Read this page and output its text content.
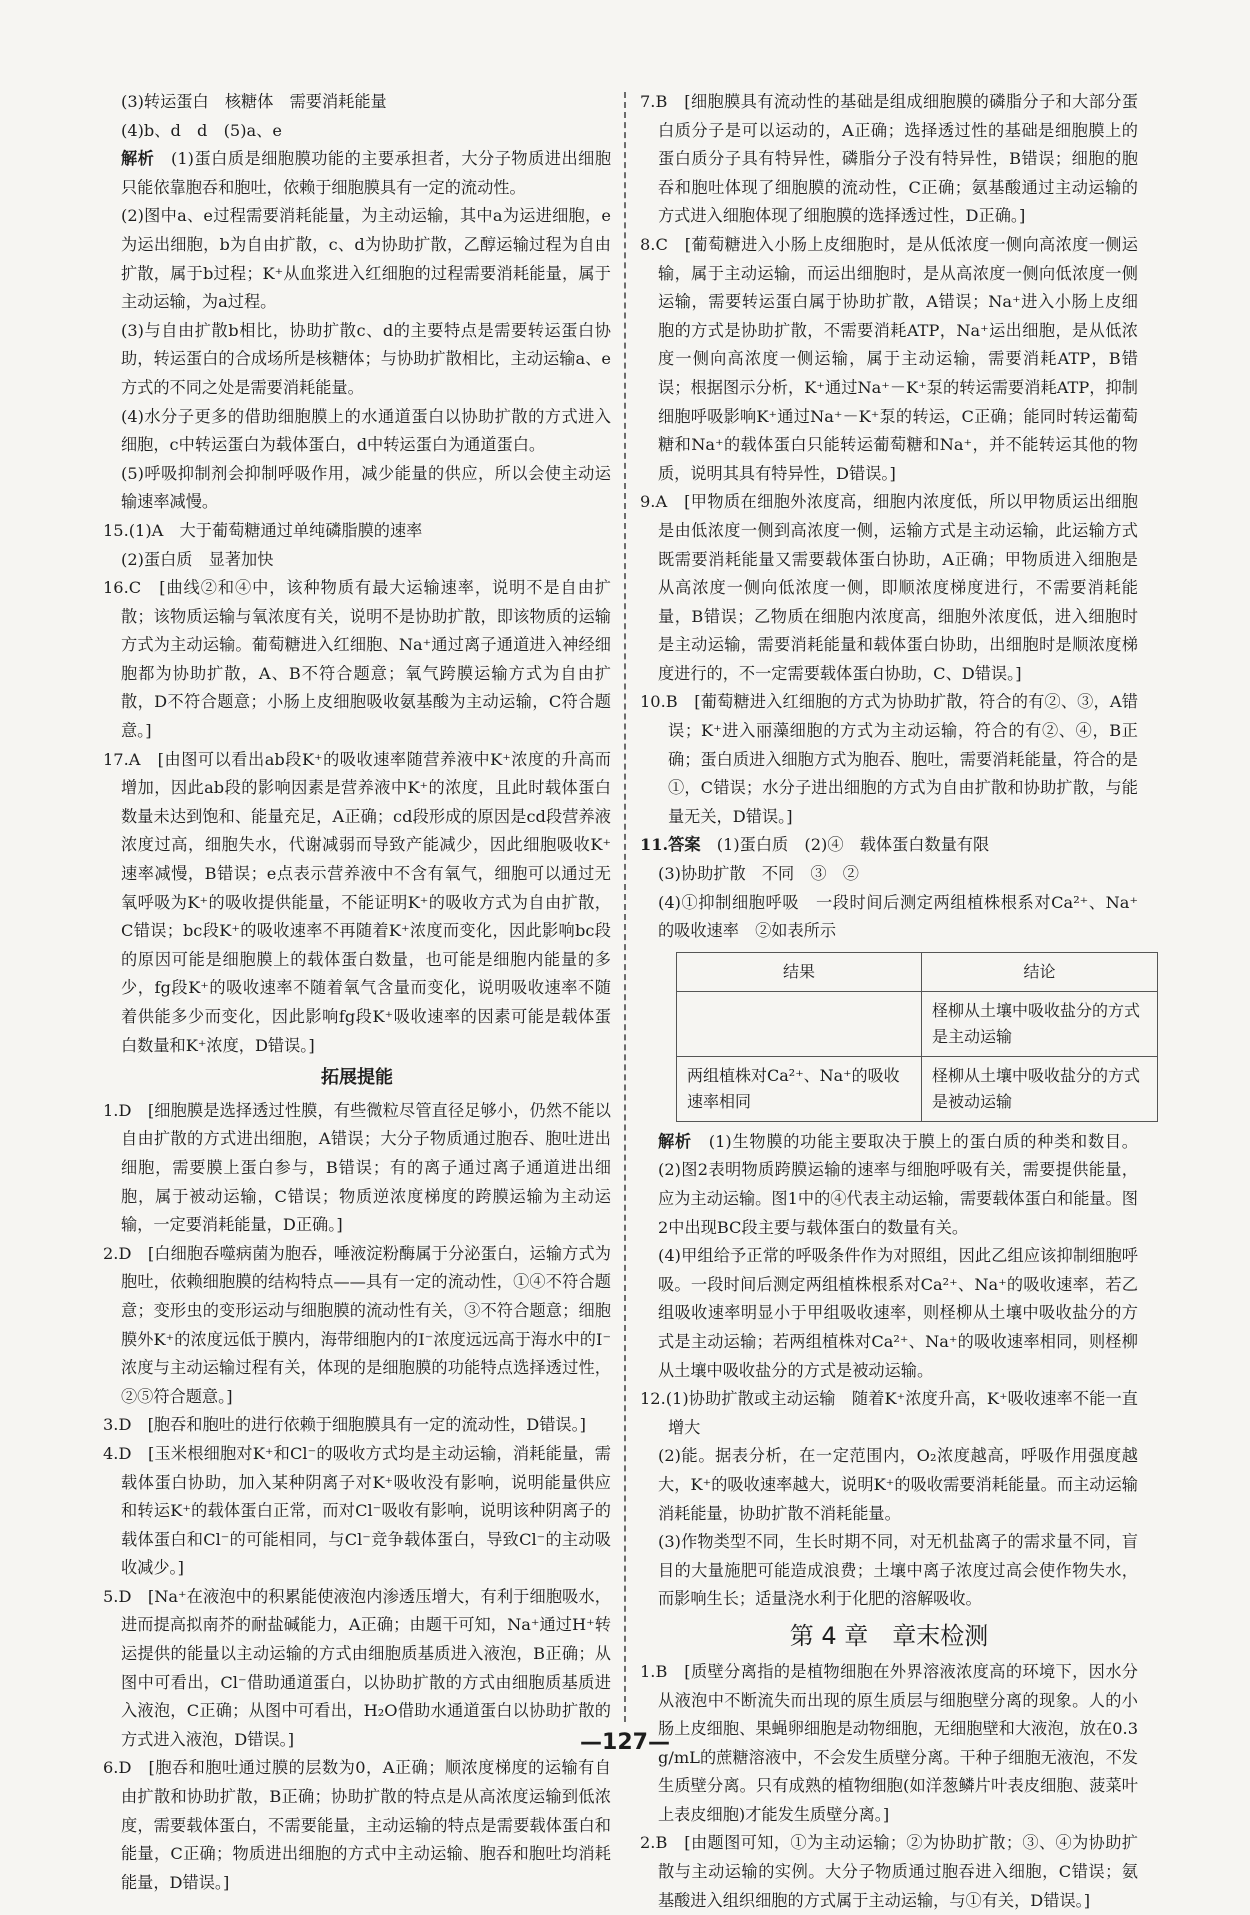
(3)转运蛋白　核糖体　需要消耗能量

(4)b、d　d　(5)a、e

解析　(1)蛋白质是细胞膜功能的主要承担者，大分子物质进出细胞只能依靠胞吞和胞吐，依赖于细胞膜具有一定的流动性。

(2)图中a、e过程需要消耗能量，为主动运输，其中a为运进细胞，e为运出细胞，b为自由扩散，c、d为协助扩散，乙醇运输过程为自由扩散，属于b过程；K⁺从血浆进入红细胞的过程需要消耗能量，属于主动运输，为a过程。

(3)与自由扩散b相比，协助扩散c、d的主要特点是需要转运蛋白协助，转运蛋白的合成场所是核糖体；与协助扩散相比，主动运输a、e方式的不同之处是需要消耗能量。

(4)水分子更多的借助细胞膜上的水通道蛋白以协助扩散的方式进入细胞，c中转运蛋白为载体蛋白，d中转运蛋白为通道蛋白。

(5)呼吸抑制剂会抑制呼吸作用，减少能量的供应，所以会使主动运输速率减慢。

15.(1)A　大于葡萄糖通过单纯磷脂膜的速率

(2)蛋白质　显著加快

16.C　[曲线②和④中，该种物质有最大运输速率，说明不是自由扩散；该物质运输与氧浓度有关，说明不是协助扩散，即该物质的运输方式为主动运输。葡萄糖进入红细胞、Na⁺通过离子通道进入神经细胞都为协助扩散，A、B不符合题意；氧气跨膜运输方式为自由扩散，D不符合题意；小肠上皮细胞吸收氨基酸为主动运输，C符合题意。]

17.A　[由图可以看出ab段K⁺的吸收速率随营养液中K⁺浓度的升高而增加，因此ab段的影响因素是营养液中K⁺的浓度，且此时载体蛋白数量未达到饱和、能量充足，A正确；cd段形成的原因是cd段营养液浓度过高，细胞失水，代谢减弱而导致产能减少，因此细胞吸收K⁺速率减慢，B错误；e点表示营养液中不含有氧气，细胞可以通过无氧呼吸为K⁺的吸收提供能量，不能证明K⁺的吸收方式为自由扩散，C错误；bc段K⁺的吸收速率不再随着K⁺浓度而变化，因此影响bc段的原因可能是细胞膜上的载体蛋白数量，也可能是细胞内能量的多少，fg段K⁺的吸收速率不随着氧气含量而变化，说明吸收速率不随着供能多少而变化，因此影响fg段K⁺吸收速率的因素可能是载体蛋白数量和K⁺浓度，D错误。]

拓展提能

1.D　[细胞膜是选择透过性膜，有些微粒尽管直径足够小，仍然不能以自由扩散的方式进出细胞，A错误；大分子物质通过胞吞、胞吐进出细胞，需要膜上蛋白参与，B错误；有的离子通过离子通道进出细胞，属于被动运输，C错误；物质逆浓度梯度的跨膜运输为主动运输，一定要消耗能量，D正确。]

2.D　[白细胞吞噬病菌为胞吞，唾液淀粉酶属于分泌蛋白，运输方式为胞吐，依赖细胞膜的结构特点——具有一定的流动性，①④不符合题意；变形虫的变形运动与细胞膜的流动性有关，③不符合题意；细胞膜外K⁺的浓度远低于膜内，海带细胞内的I⁻浓度远远高于海水中的I⁻浓度与主动运输过程有关，体现的是细胞膜的功能特点选择透过性，②⑤符合题意。]

3.D　[胞吞和胞吐的进行依赖于细胞膜具有一定的流动性，D错误。]

4.D　[玉米根细胞对K⁺和Cl⁻的吸收方式均是主动运输，消耗能量，需载体蛋白协助，加入某种阴离子对K⁺吸收没有影响，说明能量供应和转运K⁺的载体蛋白正常，而对Cl⁻吸收有影响，说明该种阴离子的载体蛋白和Cl⁻的可能相同，与Cl⁻竞争载体蛋白，导致Cl⁻的主动吸收减少。]

5.D　[Na⁺在液泡中的积累能使液泡内渗透压增大，有利于细胞吸水，进而提高拟南芥的耐盐碱能力，A正确；由题干可知，Na⁺通过H⁺转运提供的能量以主动运输的方式由细胞质基质进入液泡，B正确；从图中可看出，Cl⁻借助通道蛋白，以协助扩散的方式由细胞质基质进入液泡，C正确；从图中可看出，H₂O借助水通道蛋白以协助扩散的方式进入液泡，D错误。]

6.D　[胞吞和胞吐通过膜的层数为0，A正确；顺浓度梯度的运输有自由扩散和协助扩散，B正确；协助扩散的特点是从高浓度运输到低浓度，需要载体蛋白，不需要能量，主动运输的特点是需要载体蛋白和能量，C正确；物质进出细胞的方式中主动运输、胞吞和胞吐均消耗能量，D错误。]

7.B　[细胞膜具有流动性的基础是组成细胞膜的磷脂分子和大部分蛋白质分子是可以运动的，A正确；选择透过性的基础是细胞膜上的蛋白质分子具有特异性，磷脂分子没有特异性，B错误；细胞的胞吞和胞吐体现了细胞膜的流动性，C正确；氨基酸通过主动运输的方式进入细胞体现了细胞膜的选择透过性，D正确。]

8.C　[葡萄糖进入小肠上皮细胞时，是从低浓度一侧向高浓度一侧运输，属于主动运输，而运出细胞时，是从高浓度一侧向低浓度一侧运输，需要转运蛋白属于协助扩散，A错误；Na⁺进入小肠上皮细胞的方式是协助扩散，不需要消耗ATP，Na⁺运出细胞，是从低浓度一侧向高浓度一侧运输，属于主动运输，需要消耗ATP，B错误；根据图示分析，K⁺通过Na⁺－K⁺泵的转运需要消耗ATP，抑制细胞呼吸影响K⁺通过Na⁺－K⁺泵的转运，C正确；能同时转运葡萄糖和Na⁺的载体蛋白只能转运葡萄糖和Na⁺，并不能转运其他的物质，说明其具有特异性，D错误。]

9.A　[甲物质在细胞外浓度高，细胞内浓度低，所以甲物质运出细胞是由低浓度一侧到高浓度一侧，运输方式是主动运输，此运输方式既需要消耗能量又需要载体蛋白协助，A正确；甲物质进入细胞是从高浓度一侧向低浓度一侧，即顺浓度梯度进行，不需要消耗能量，B错误；乙物质在细胞内浓度高，细胞外浓度低，进入细胞时是主动运输，需要消耗能量和载体蛋白协助，出细胞时是顺浓度梯度进行的，不一定需要载体蛋白协助，C、D错误。]

10.B　[葡萄糖进入红细胞的方式为协助扩散，符合的有②、③，A错误；K⁺进入丽藻细胞的方式为主动运输，符合的有②、④，B正确；蛋白质进入细胞方式为胞吞、胞吐，需要消耗能量，符合的是①，C错误；水分子进出细胞的方式为自由扩散和协助扩散，与能量无关，D错误。]

11.答案　(1)蛋白质　(2)④　载体蛋白数量有限

(3)协助扩散　不同　③　②

(4)①抑制细胞呼吸　一段时间后测定两组植株根系对Ca²⁺、Na⁺的吸收速率　②如表所示

结果	结论
	柽柳从土壤中吸收盐分的方式是主动运输
两组植株对Ca²⁺、Na⁺的吸收速率相同	柽柳从土壤中吸收盐分的方式是被动运输

解析　(1)生物膜的功能主要取决于膜上的蛋白质的种类和数目。(2)图2表明物质跨膜运输的速率与细胞呼吸有关，需要提供能量，应为主动运输。图1中的④代表主动运输，需要载体蛋白和能量。图2中出现BC段主要与载体蛋白的数量有关。

(4)甲组给予正常的呼吸条件作为对照组，因此乙组应该抑制细胞呼吸。一段时间后测定两组植株根系对Ca²⁺、Na⁺的吸收速率，若乙组吸收速率明显小于甲组吸收速率，则柽柳从土壤中吸收盐分的方式是主动运输；若两组植株对Ca²⁺、Na⁺的吸收速率相同，则柽柳从土壤中吸收盐分的方式是被动运输。

12.(1)协助扩散或主动运输　随着K⁺浓度升高，K⁺吸收速率不能一直增大

(2)能。据表分析，在一定范围内，O₂浓度越高，呼吸作用强度越大，K⁺的吸收速率越大，说明K⁺的吸收需要消耗能量。而主动运输消耗能量，协助扩散不消耗能量。

(3)作物类型不同，生长时期不同，对无机盐离子的需求量不同，盲目的大量施肥可能造成浪费；土壤中离子浓度过高会使作物失水，而影响生长；适量浇水利于化肥的溶解吸收。

第 4 章　章末检测

1.B　[质壁分离指的是植物细胞在外界溶液浓度高的环境下，因水分从液泡中不断流失而出现的原生质层与细胞壁分离的现象。人的小肠上皮细胞、果蝇卵细胞是动物细胞，无细胞壁和大液泡，放在0.3 g/mL的蔗糖溶液中，不会发生质壁分离。干种子细胞无液泡，不发生质壁分离。只有成熟的植物细胞(如洋葱鳞片叶表皮细胞、菠菜叶上表皮细胞)才能发生质壁分离。]

2.B　[由题图可知，①为主动运输；②为协助扩散；③、④为协助扩散与主动运输的实例。大分子物质通过胞吞进入细胞，C错误；氨基酸进入组织细胞的方式属于主动运输，与①有关，D错误。]

—127—
